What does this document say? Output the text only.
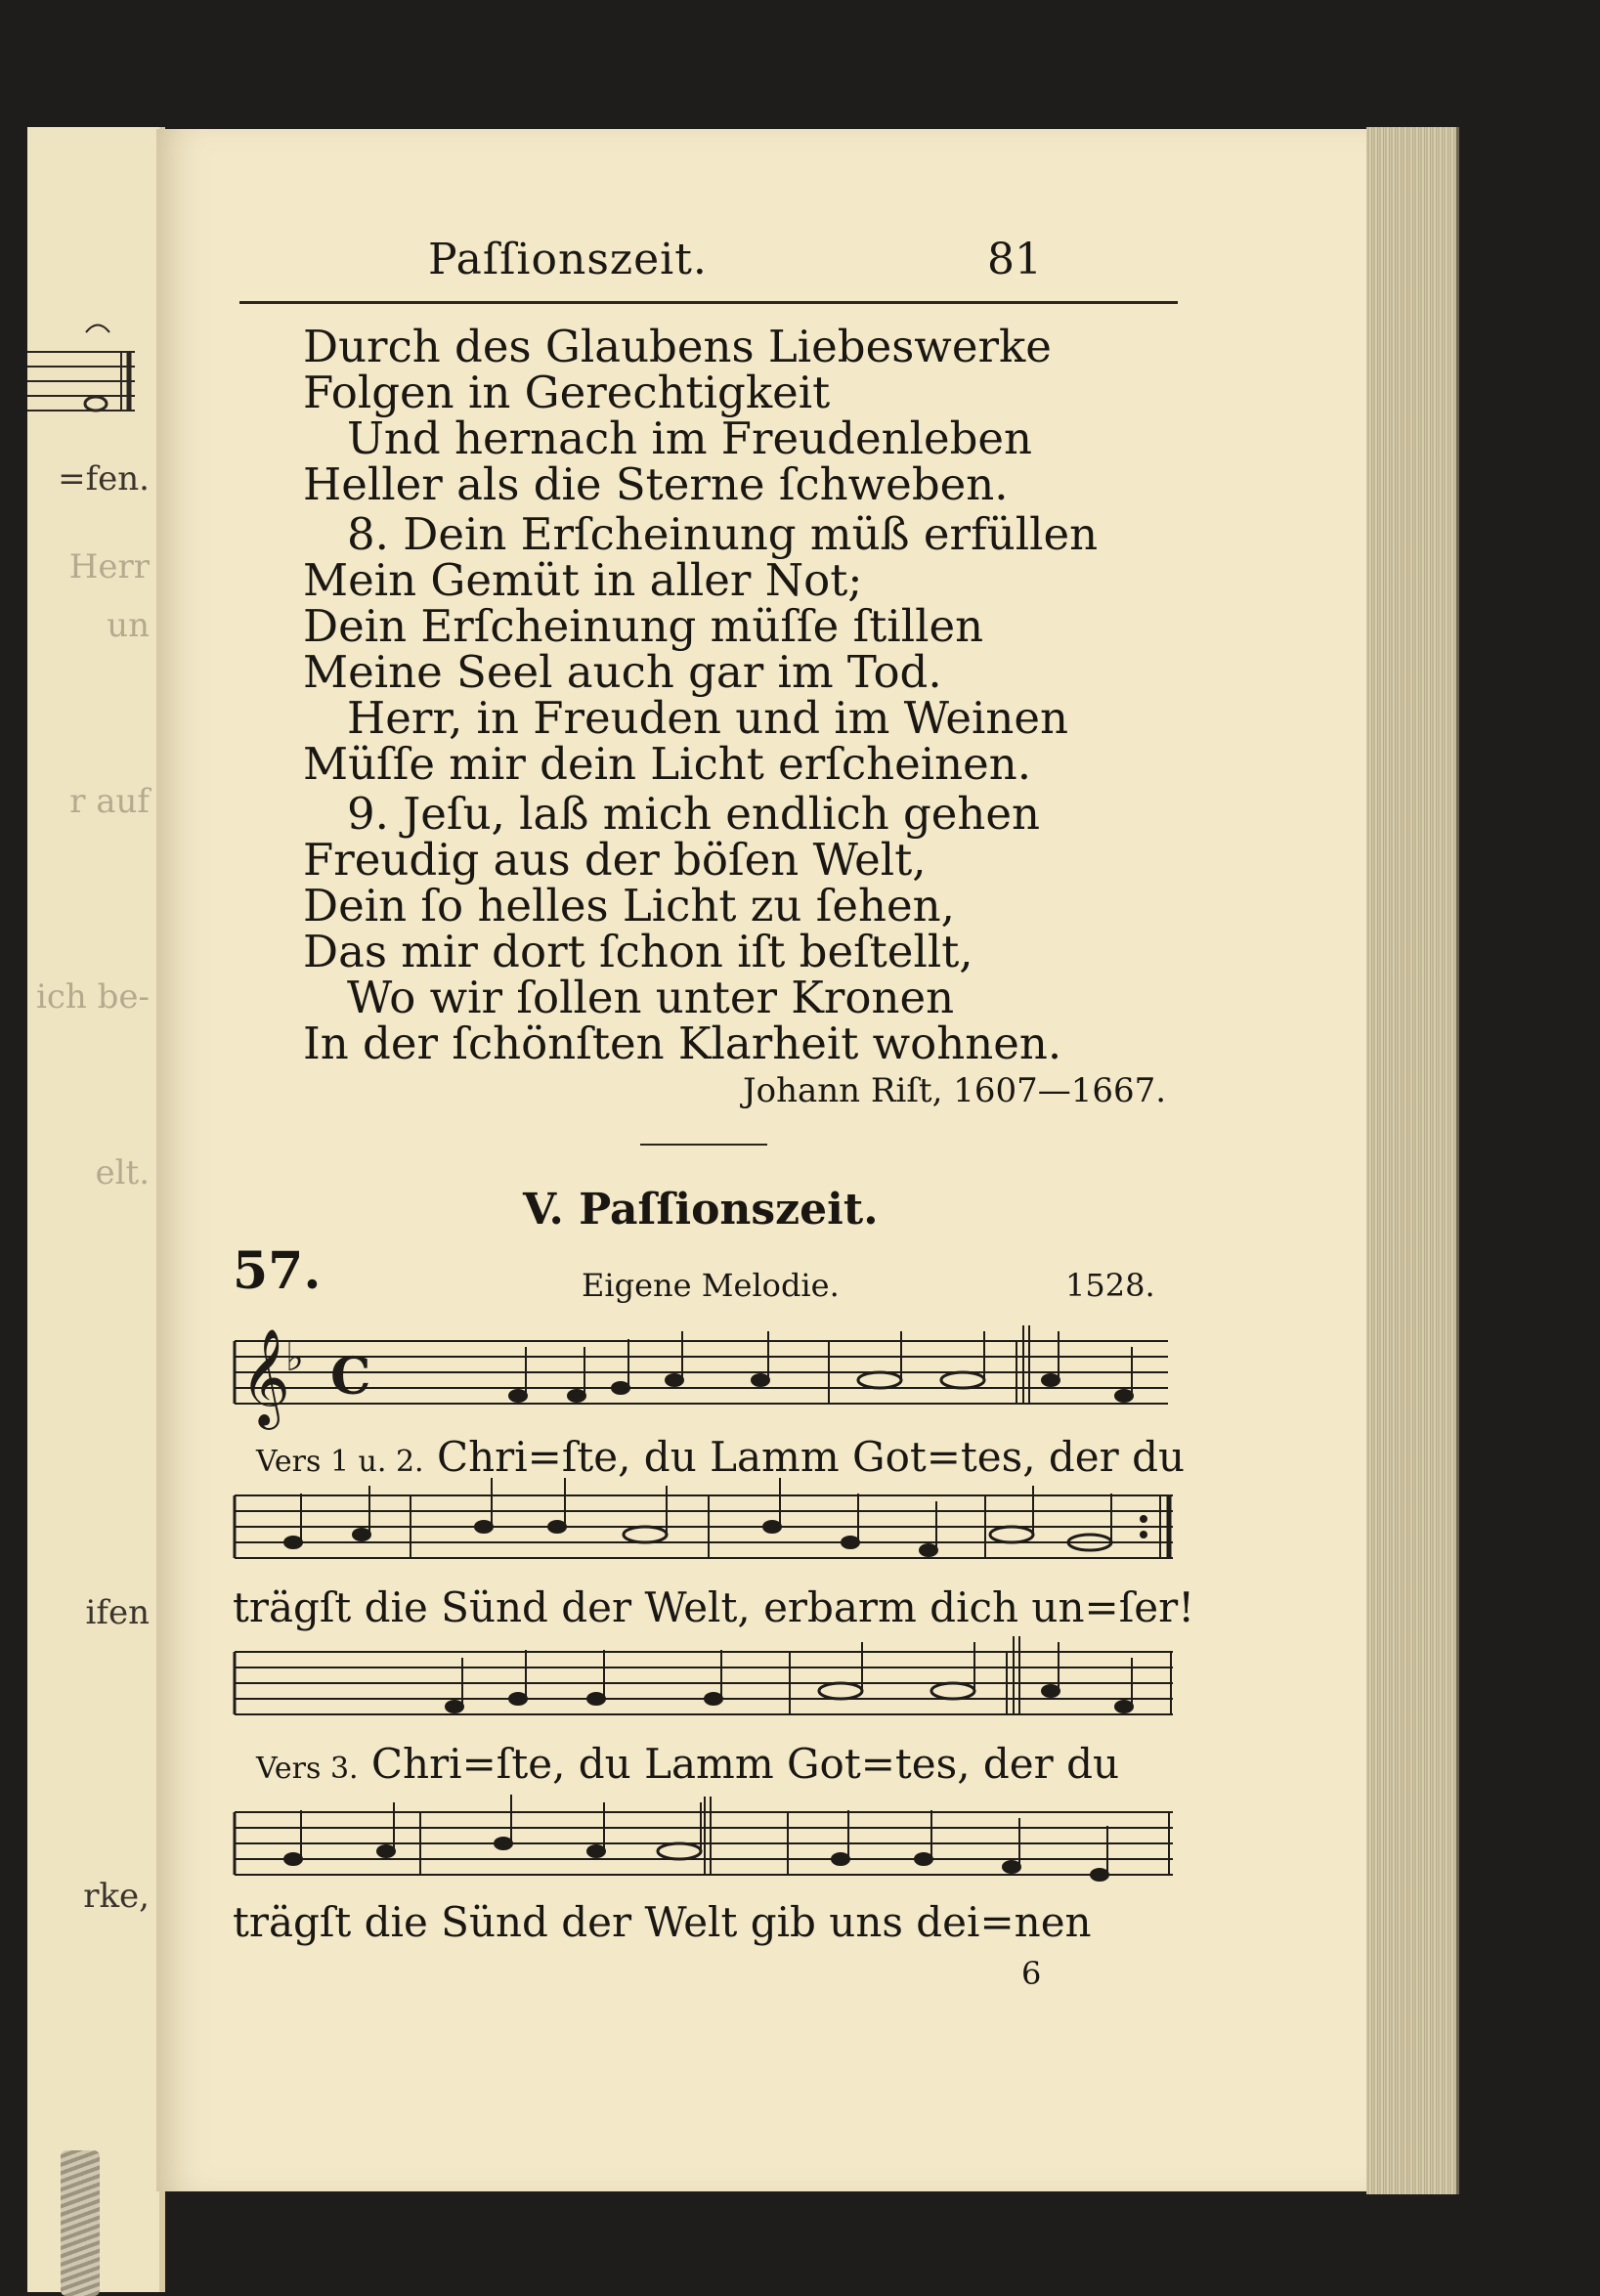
=fen.
Herr
un
r auf
ich be-
elt.
ifen
rke,
Paſſionszeit.	81
Durch des Glaubens Liebeswerke
Folgen in Gerechtigkeit
Und hernach im Freudenleben
Heller als die Sterne ſchweben.
8. Dein Erſcheinung müß erfüllen
Mein Gemüt in aller Not;
Dein Erſcheinung müſſe ſtillen
Meine Seel auch gar im Tod.
Herr, in Freuden und im Weinen
Müſſe mir dein Licht erſcheinen.
9. Jeſu, laß mich endlich gehen
Freudig aus der böſen Welt,
Dein ſo helles Licht zu ſehen,
Das mir dort ſchon iſt beſtellt,
Wo wir ſollen unter Kronen
In der ſchönſten Klarheit wohnen.
Johann Riſt, 1607—1667.
V. Paſſionszeit.
57.	Eigene Melodie.	1528.
𝄞
♭ C
Vers 1 u. 2. Chri=ſte, du Lamm Got=tes, der du
trägſt die Sünd der Welt, erbarm dich un=ſer!
Vers 3. Chri=ſte, du Lamm Got=tes, der du
trägſt die Sünd der Welt gib uns dei=nen
6
